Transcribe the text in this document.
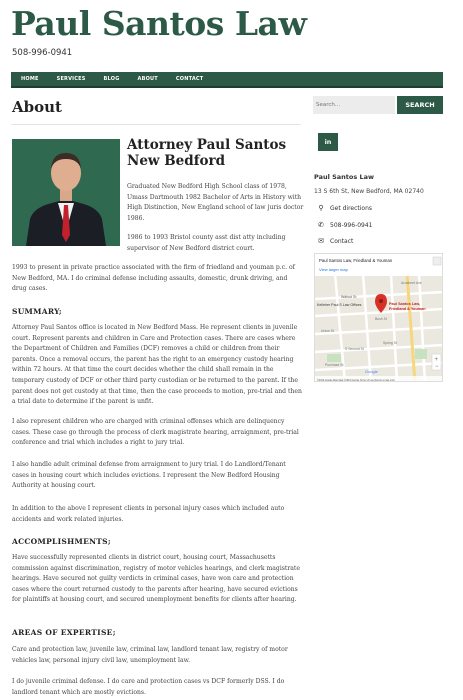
Paul Santos Law
508-996-0941
HOME	SERVICES	BLOG	ABOUT	CONTACT
About
Search...	SEARCH
Attorney Paul Santos New Bedford

Graduated New Bedford High School class of 1978, Umass Dartmouth 1982 Bachelor of Arts in History with High Distinction, New England school of law juris doctor 1986.

1986 to 1993 Bristol county asst dist atty including supervisor of New Bedford district court.

1993 to present in private practice associated with the firm of friedland and youman p.c. of New Bedford, MA. I do criminal defense including assaults, domestic, drunk driving, and drug cases.

SUMMARY;

Attorney Paul Santos office is located in New Bedford Mass. He represent clients in juvenile court. Represent parents and children in Care and Protection cases. There are cases where the Department of Children and Families (DCF) removes a child or children from their parents. Once a removal occurs, the parent has the right to an emergency custody hearing within 72 hours. At that time the court decides whether the child shall remain in the temporary custody of DCF or other third party custodian or be returned to the parent. If the parent does not get custody at that time, then the case proceeds to motion, pre-trial and then a trial date to determine if the parent is unfit.

I also represent children who are charged with criminal offenses which are delinquency cases. These case go through the process of clerk magistrate hearing, arraignment, pre-trial conference and trial which includes a right to jury trial.

I also handle adult criminal defense from arraignment to jury trial. I do Landlord/Tenant cases in housing court which includes evictions. I represent the New Bedford Housing Authority at housing court.

In addition to the above I represent clients in personal injury cases which included auto accidents and work related injuries.

ACCOMPLISHMENTS;

Have successfully represented clients in district court, housing court, Massachusetts commission against discrimination, registry of motor vehicles hearings, and clerk magistrate hearings. Have secured not guilty verdicts in criminal cases, have won care and protection cases where the court returned custody to the parents after hearing, have secured evictions for plaintiffs at housing court, and secured unemployment benefits for clients after hearing.

AREAS OF EXPERTISE;

Care and protection law, juvenile law, criminal law, landlord tenant law, registry of motor vehicles law, personal injury civil law, unemployment law.

I do juvenile criminal defense. I do care and protection cases vs DCF formerly DSS. I do landlord tenant which are mostly evictions.

in
Paul Santos Law
13 S 6th St, New Bedford, MA 02740
⚲	Get directions
✆	508-996-0941
✉	Contact
Paul Santos Law, Friedland & Youman
View larger map
Kelleher Paul S Law Offices
Walnut St
Bush St
Union St
Spring St
S Second St
Purchase St
Acushnet Ave
Paul Santos Law,
Friedland & Youman
+
−
Google
©2019 Google Map data ©2019 Google Terms of Use Report a map error
